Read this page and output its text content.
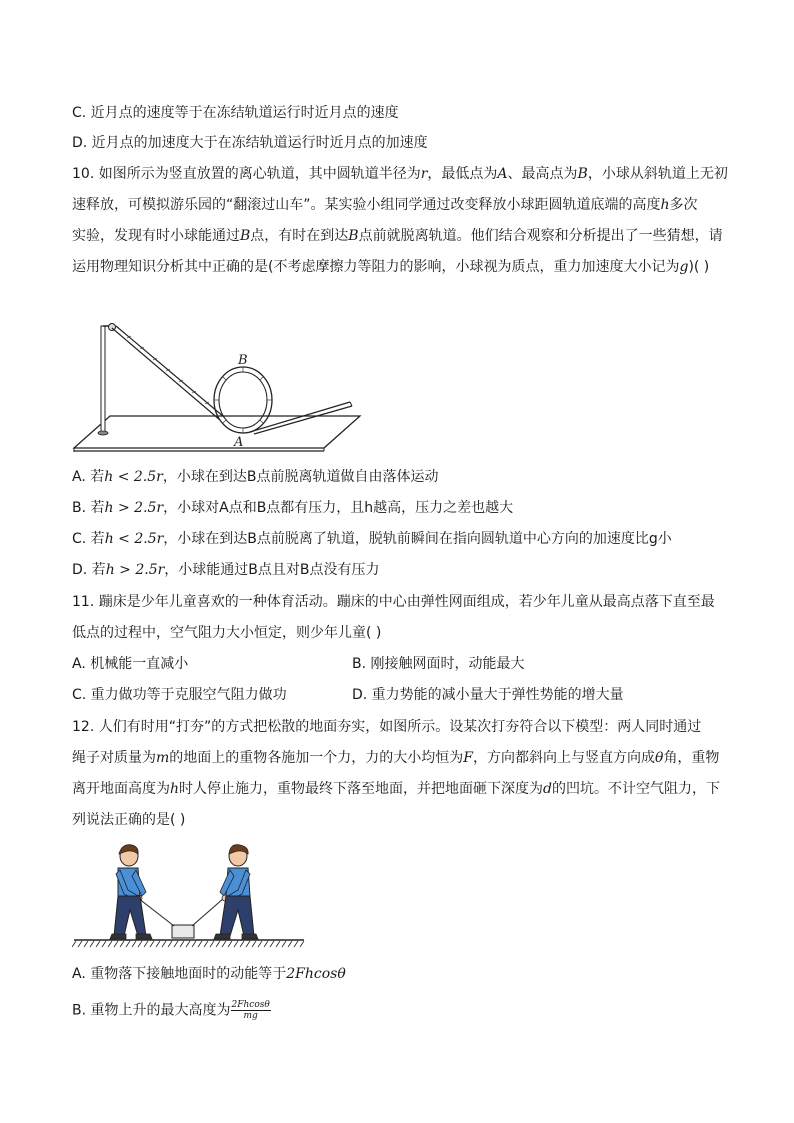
C. 近月点的速度等于在冻结轨道运行时近月点的速度
D. 近月点的加速度大于在冻结轨道运行时近月点的加速度
10. 如图所示为竖直放置的离心轨道，其中圆轨道半径为r，最低点为A、最高点为B，小球从斜轨道上无初
速释放，可模拟游乐园的“翻滚过山车”。某实验小组同学通过改变释放小球距圆轨道底端的高度h多次
实验，发现有时小球能通过B点，有时在到达B点前就脱离轨道。他们结合观察和分析提出了一些猜想，请
运用物理知识分析其中正确的是(不考虑摩擦力等阻力的影响，小球视为质点，重力加速度大小记为g)( )
B
A
A. 若h < 2.5r，小球在到达B点前脱离轨道做自由落体运动
B. 若h > 2.5r，小球对A点和B点都有压力，且h越高，压力之差也越大
C. 若h < 2.5r，小球在到达B点前脱离了轨道，脱轨前瞬间在指向圆轨道中心方向的加速度比g小
D. 若h > 2.5r，小球能通过B点且对B点没有压力
11. 蹦床是少年儿童喜欢的一种体育活动。蹦床的中心由弹性网面组成，若少年儿童从最高点落下直至最
低点的过程中，空气阻力大小恒定，则少年儿童( )
A. 机械能一直减小	B. 刚接触网面时，动能最大
C. 重力做功等于克服空气阻力做功	D. 重力势能的减小量大于弹性势能的增大量
12. 人们有时用“打夯”的方式把松散的地面夯实，如图所示。设某次打夯符合以下模型：两人同时通过
绳子对质量为m的地面上的重物各施加一个力，力的大小均恒为F，方向都斜向上与竖直方向成θ角，重物
离开地面高度为h时人停止施力，重物最终下落至地面，并把地面砸下深度为d的凹坑。不计空气阻力，下
列说法正确的是( )
A. 重物落下接触地面时的动能等于2Fhcosθ
B. 重物上升的最大高度为 $\frac{2Fhcos\theta}{mg}$
